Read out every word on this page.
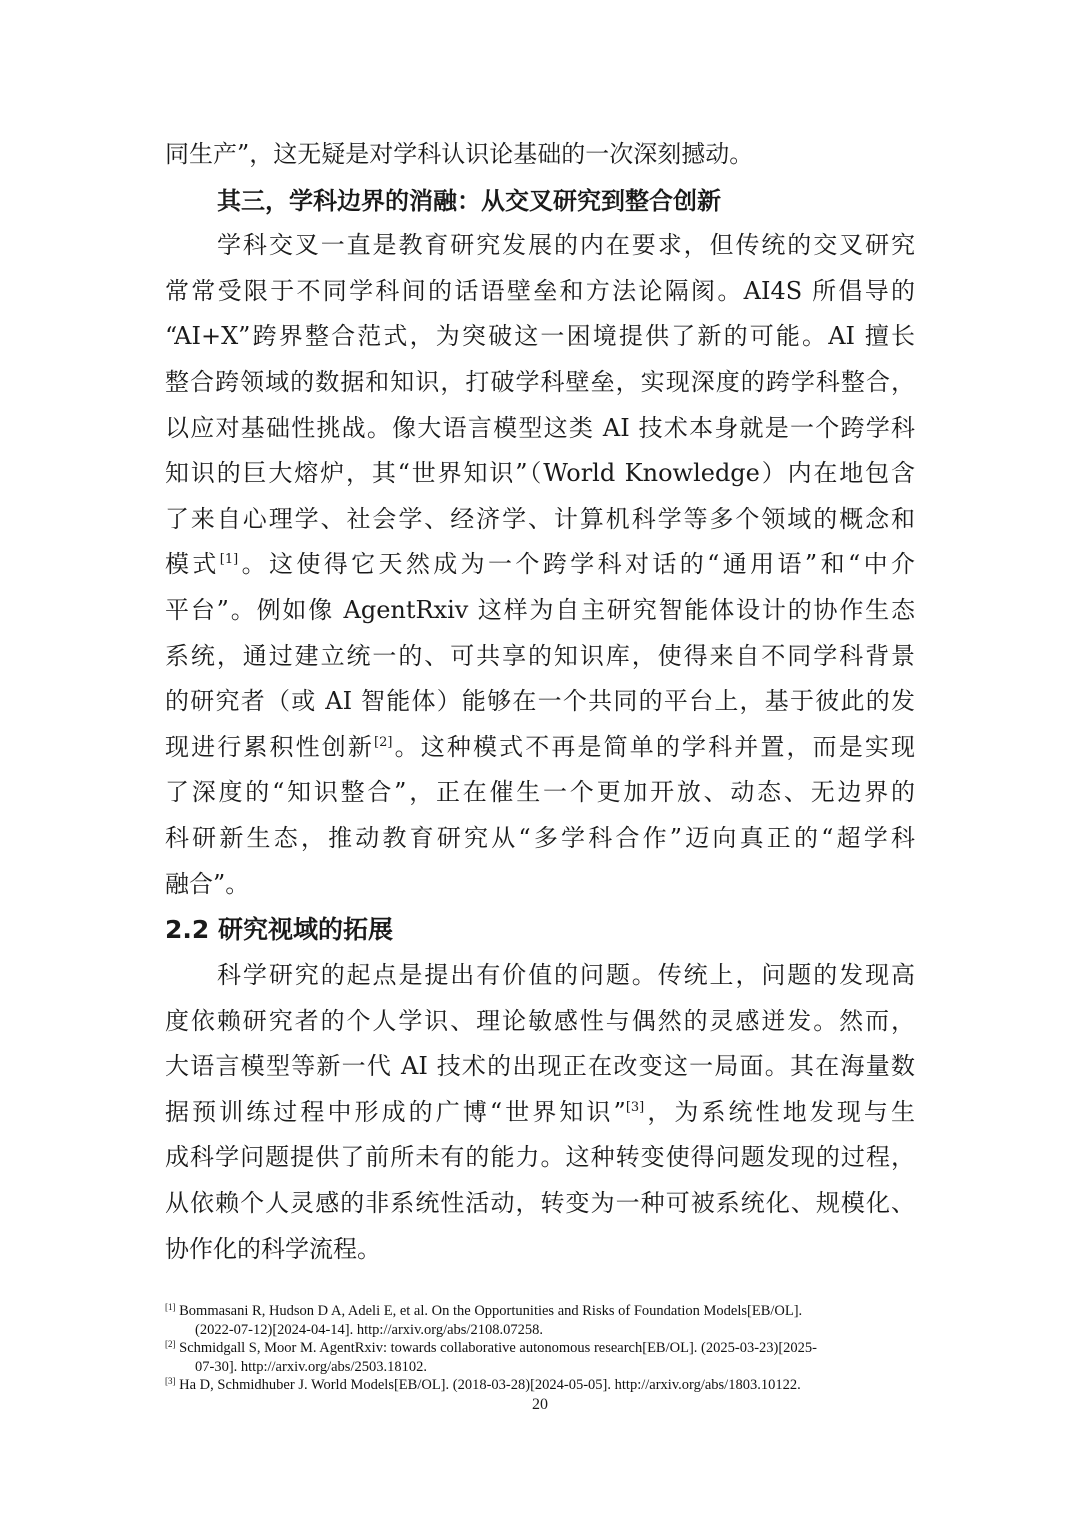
同生产”，这无疑是对学科认识论基础的一次深刻撼动。
其三，学科边界的消融：从交叉研究到整合创新
学科交叉一直是教育研究发展的内在要求，但传统的交叉研究
常常受限于不同学科间的话语壁垒和方法论隔阂。AI4S 所倡导的
“AI+X”跨界整合范式，为突破这一困境提供了新的可能。AI 擅长
整合跨领域的数据和知识，打破学科壁垒，实现深度的跨学科整合，
以应对基础性挑战。像大语言模型这类 AI 技术本身就是一个跨学科
知识的巨大熔炉，其“世界知识”（World Knowledge）内在地包含
了来自心理学、社会学、经济学、计算机科学等多个领域的概念和
模式[1]。这使得它天然成为一个跨学科对话的“通用语”和“中介
平台”。例如像 AgentRxiv 这样为自主研究智能体设计的协作生态
系统，通过建立统一的、可共享的知识库，使得来自不同学科背景
的研究者（或 AI 智能体）能够在一个共同的平台上，基于彼此的发
现进行累积性创新[2]。这种模式不再是简单的学科并置，而是实现
了深度的“知识整合”，正在催生一个更加开放、动态、无边界的
科研新生态，推动教育研究从“多学科合作”迈向真正的“超学科
融合”。
2.2 研究视域的拓展
科学研究的起点是提出有价值的问题。传统上，问题的发现高
度依赖研究者的个人学识、理论敏感性与偶然的灵感迸发。然而，
大语言模型等新一代 AI 技术的出现正在改变这一局面。其在海量数
据预训练过程中形成的广博“世界知识”[3]，为系统性地发现与生
成科学问题提供了前所未有的能力。这种转变使得问题发现的过程，
从依赖个人灵感的非系统性活动，转变为一种可被系统化、规模化、
协作化的科学流程。
[1] Bommasani R, Hudson D A, Adeli E, et al. On the Opportunities and Risks of Foundation Models[EB/OL].
(2022-07-12)[2024-04-14]. http://arxiv.org/abs/2108.07258.
[2] Schmidgall S, Moor M. AgentRxiv: towards collaborative autonomous research[EB/OL]. (2025-03-23)[2025-
07-30]. http://arxiv.org/abs/2503.18102.
[3] Ha D, Schmidhuber J. World Models[EB/OL]. (2018-03-28)[2024-05-05]. http://arxiv.org/abs/1803.10122.
20
